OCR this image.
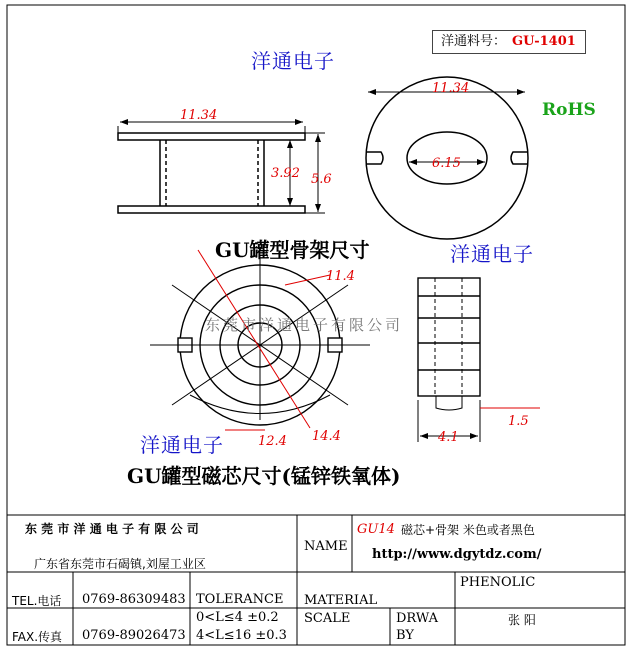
11.34
3.92 5.6
11.34
6.15
11.4
12.4 14.4
1.5
4.1
洋通料号： GU-1401
洋通电子
洋通电子
洋通电子
RoHS
GU罐型骨架尺寸
GU罐型磁芯尺寸(锰锌铁氧体)
东莞市洋通电子有限公司
东 莞 市 洋 通 电 子 有 限 公 司
广东省东莞市石碣镇,刘屋工业区
NAME
GU14 磁芯+骨架 米色或者黑色
http://www.dgytdz.com/
PHENOLIC
TEL.电话 0769-86309483 TOLERANCE MATERIAL
FAX.传真 0769-89026473
0<L≤4 ±0.2
4<L≤16 ±0.3
SCALE	DRWA
BY
张 阳
